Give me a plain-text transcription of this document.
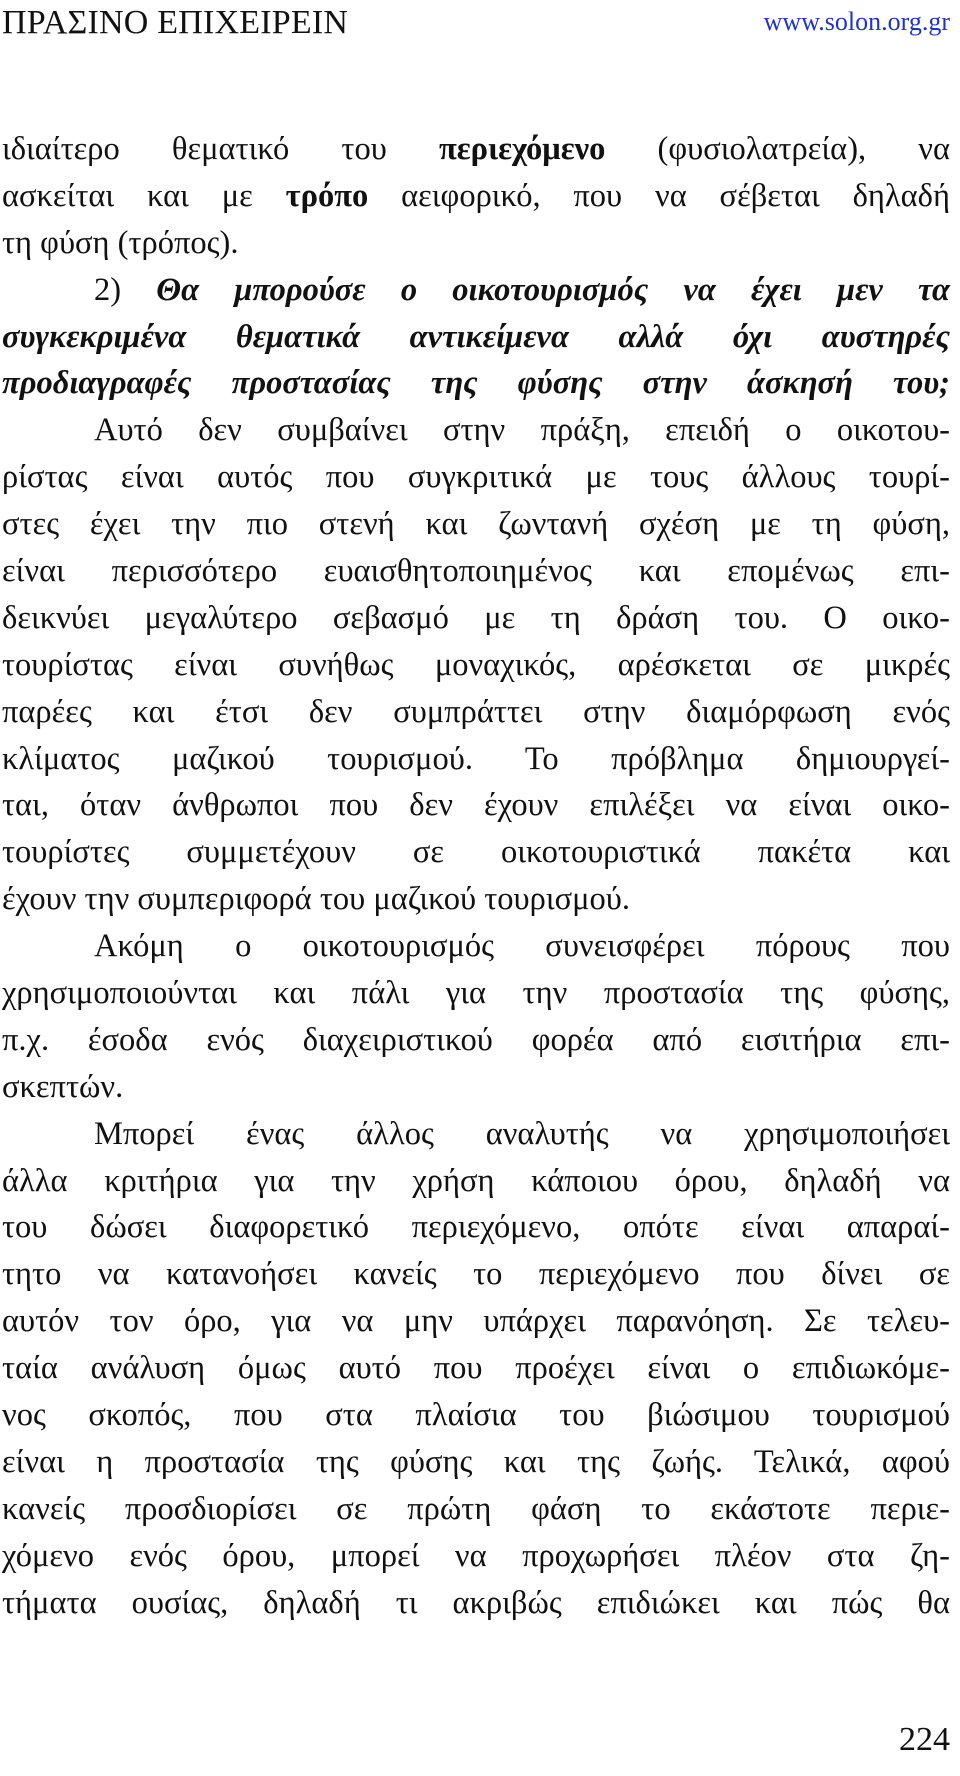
ΠΡΑΣΙΝΟ ΕΠΙΧΕΙΡΕΙΝ	www.solon.org.gr
ιδιαίτερο θεματικό του περιεχόμενο (φυσιολατρεία), να
ασκείται και με τρόπο αειφορικό, που να σέβεται δηλαδή
τη φύση (τρόπος).
2) Θα μπορούσε ο οικοτουρισμός να έχει μεν τα
συγκεκριμένα θεματικά αντικείμενα αλλά όχι αυστηρές
προδιαγραφές προστασίας της φύσης στην άσκησή του;
Αυτό δεν συμβαίνει στην πράξη, επειδή ο οικοτου-
ρίστας είναι αυτός που συγκριτικά με τους άλλους τουρί-
στες έχει την πιο στενή και ζωντανή σχέση με τη φύση,
είναι περισσότερο ευαισθητοποιημένος και επομένως επι-
δεικνύει μεγαλύτερο σεβασμό με τη δράση του. Ο οικο-
τουρίστας είναι συνήθως μοναχικός, αρέσκεται σε μικρές
παρέες και έτσι δεν συμπράττει στην διαμόρφωση ενός
κλίματος μαζικού τουρισμού. Το πρόβλημα δημιουργεί-
ται, όταν άνθρωποι που δεν έχουν επιλέξει να είναι οικο-
τουρίστες συμμετέχουν σε οικοτουριστικά πακέτα και
έχουν την συμπεριφορά του μαζικού τουρισμού.
Ακόμη ο οικοτουρισμός συνεισφέρει πόρους που
χρησιμοποιούνται και πάλι για την προστασία της φύσης,
π.χ. έσοδα ενός διαχειριστικού φορέα από εισιτήρια επι-
σκεπτών.
Μπορεί ένας άλλος αναλυτής να χρησιμοποιήσει
άλλα κριτήρια για την χρήση κάποιου όρου, δηλαδή να
του δώσει διαφορετικό περιεχόμενο, οπότε είναι απαραί-
τητο να κατανοήσει κανείς το περιεχόμενο που δίνει σε
αυτόν τον όρο, για να μην υπάρχει παρανόηση. Σε τελευ-
ταία ανάλυση όμως αυτό που προέχει είναι ο επιδιωκόμε-
νος σκοπός, που στα πλαίσια του βιώσιμου τουρισμού
είναι η προστασία της φύσης και της ζωής. Τελικά, αφού
κανείς προσδιορίσει σε πρώτη φάση το εκάστοτε περιε-
χόμενο ενός όρου, μπορεί να προχωρήσει πλέον στα ζη-
τήματα ουσίας, δηλαδή τι ακριβώς επιδιώκει και πώς θα
224
